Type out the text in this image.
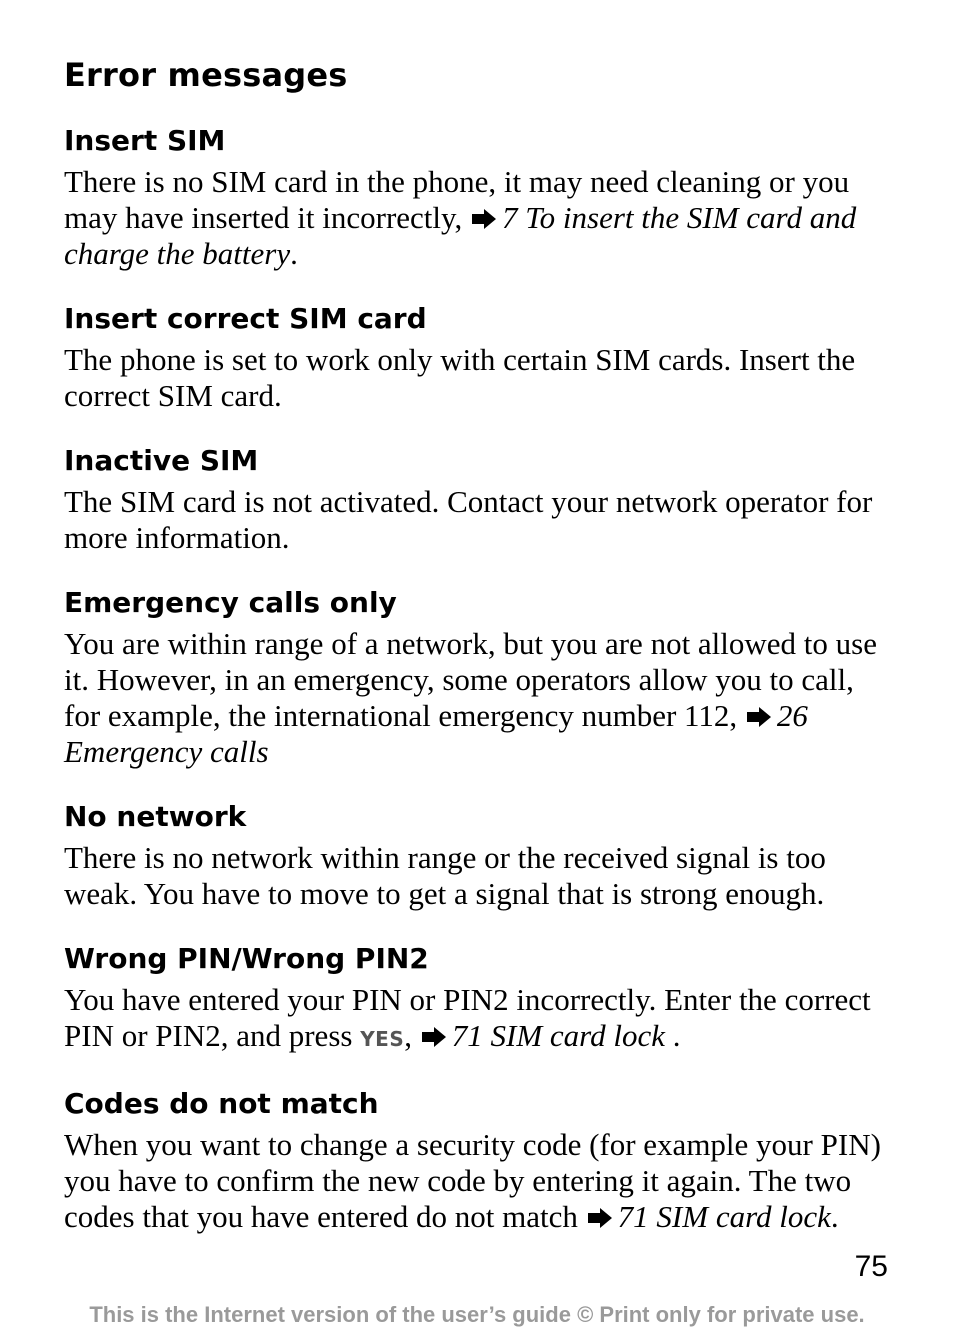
Error messages
Insert SIM

There is no SIM card in the phone, it may need cleaning or you may have inserted it incorrectly, 7 To insert the SIM card and charge the battery.

Insert correct SIM card

The phone is set to work only with certain SIM cards. Insert the correct SIM card.

Inactive SIM

The SIM card is not activated. Contact your network operator for more information.

Emergency calls only

You are within range of a network, but you are not allowed to use it. However, in an emergency, some operators allow you to call, for example, the international emergency number 112, 26 Emergency calls

No network

There is no network within range or the received signal is too weak. You have to move to get a signal that is strong enough.

Wrong PIN/Wrong PIN2

You have entered your PIN or PIN2 incorrectly. Enter the correct PIN or PIN2, and press YES, 71 SIM card lock .

Codes do not match

When you want to change a security code (for example your PIN) you have to confirm the new code by entering it again. The two codes that you have entered do not match 71 SIM card lock.

75
This is the Internet version of the user’s guide © Print only for private use.
